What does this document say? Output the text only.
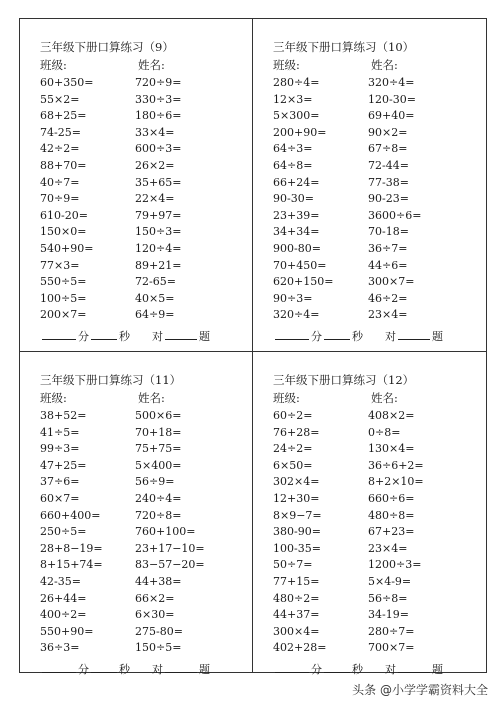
三年级下册口算练习（9）
班级:	姓名:
60+350=	720÷9=
55×2=	330÷3=
68+25=	180÷6=
74-25=	33×4=
42÷2=	600÷3=
88+70=	26×2=
40÷7=	35+65=
70÷9=	22×4=
610-20=	79+97=
150×0=	150÷3=
540+90=	120÷4=
77×3=	89+21=
550÷5=	72-65=
100÷5=	40×5=
200×7=	64÷9=
分	秒 对	题
三年级下册口算练习（10）
班级:	姓名:
280÷4=	320÷4=
12×3=	120-30=
5×300=	69+40=
200+90=	90×2=
64÷3=	67÷8=
64÷8=	72-44=
66+24=	77-38=
90-30=	90-23=
23+39=	3600÷6=
34+34=	70-18=
900-80=	36÷7=
70+450=	44÷6=
620+150=	300×7=
90÷3=	46÷2=
320÷4=	23×4=
分	秒 对	题
三年级下册口算练习（11）
班级:	姓名:
38+52=	500×6=
41÷5=	70+18=
99÷3=	75+75=
47+25=	5×400=
37÷6=	56÷9=
60×7=	240÷4=
660+400=	720÷8=
250÷5=	760+100=
28+8−19=	23+17−10=
8+15+74=	83−57−20=
42-35=	44+38=
26+44=	66×2=
400÷2=	6×30=
550+90=	275-80=
36÷3=	150÷5=
分	秒 对	题
三年级下册口算练习（12）
班级:	姓名:
60÷2=	408×2=
76+28=	0÷8=
24÷2=	130×4=
6×50=	36÷6+2=
302×4=	8+2×10=
12+30=	660÷6=
8×9−7=	480÷8=
380-90=	67+23=
100-35=	23×4=
50÷7=	1200÷3=
77+15=	5×4-9=
480÷2=	56÷8=
44+37=	34-19=
300×4=	280÷7=
402+28=	700×7=
分	秒 对	题
头条 @小学学霸资料大全
